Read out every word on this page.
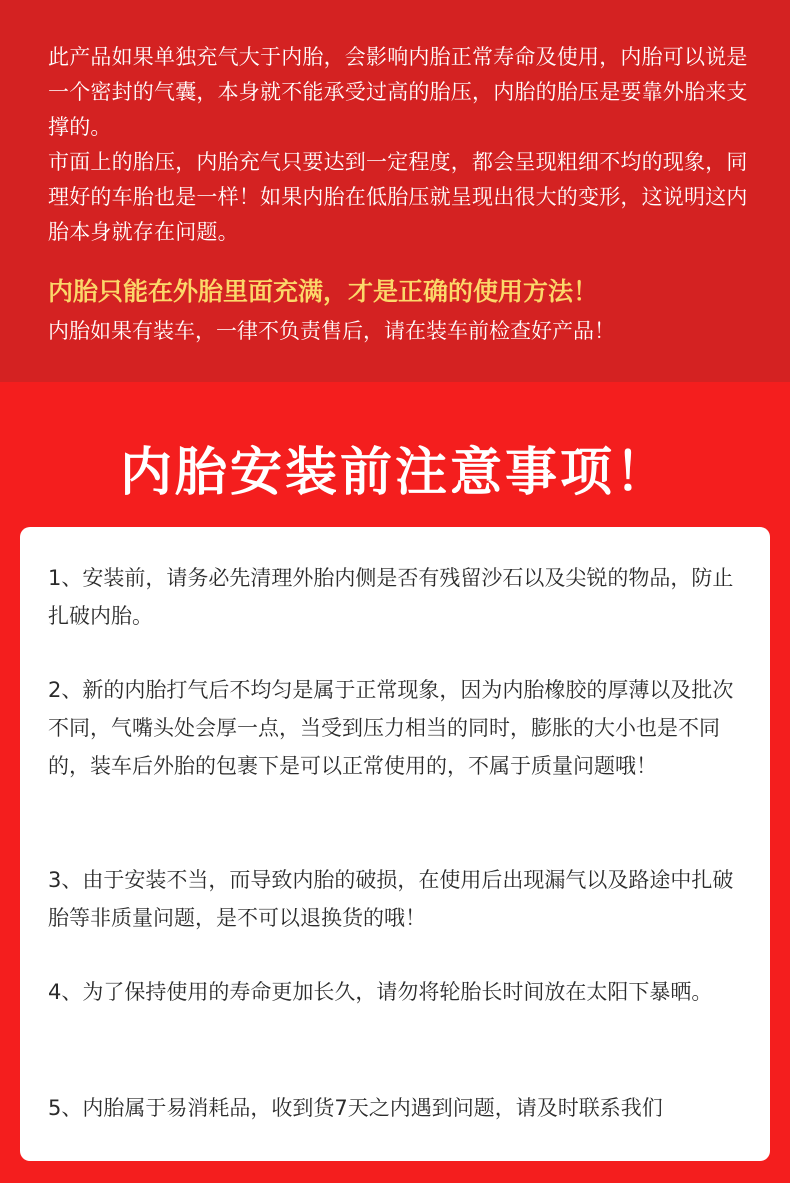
此产品如果单独充气大于内胎，会影响内胎正常寿命及使用，内胎可以说是一个密封的气囊，本身就不能承受过高的胎压，内胎的胎压是要靠外胎来支撑的。

市面上的胎压，内胎充气只要达到一定程度，都会呈现粗细不均的现象，同理好的车胎也是一样！如果内胎在低胎压就呈现出很大的变形，这说明这内胎本身就存在问题。

内胎只能在外胎里面充满，才是正确的使用方法！

内胎如果有装车，一律不负责售后，请在装车前检查好产品！

内胎安装前注意事项！

1、安装前，请务必先清理外胎内侧是否有残留沙石以及尖锐的物品，防止扎破内胎。

2、新的内胎打气后不均匀是属于正常现象，因为内胎橡胶的厚薄以及批次不同，气嘴头处会厚一点，当受到压力相当的同时，膨胀的大小也是不同的，装车后外胎的包裹下是可以正常使用的，不属于质量问题哦！

3、由于安装不当，而导致内胎的破损，在使用后出现漏气以及路途中扎破胎等非质量问题，是不可以退换货的哦！

4、为了保持使用的寿命更加长久，请勿将轮胎长时间放在太阳下暴晒。

5、内胎属于易消耗品，收到货7天之内遇到问题，请及时联系我们
